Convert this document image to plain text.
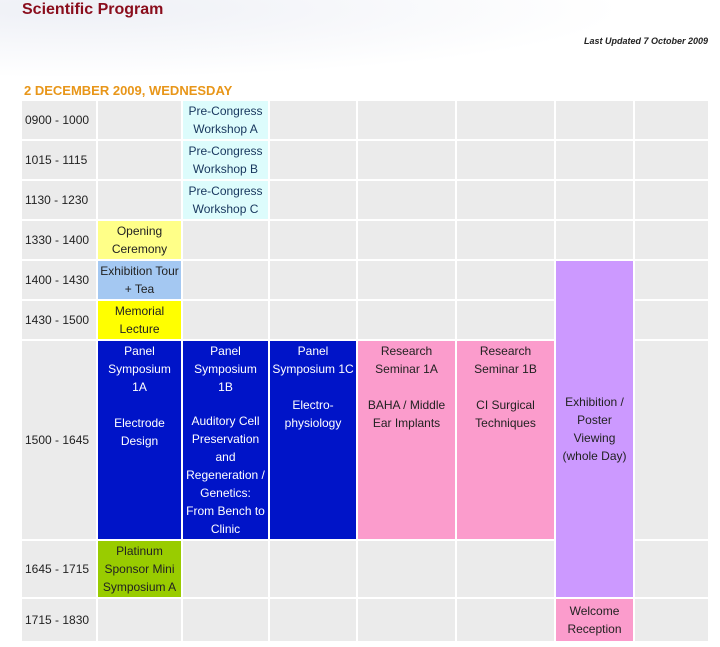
Scientific Program
Last Updated 7 October 2009
2 DECEMBER 2009, WEDNESDAY
0900 - 1000
1015 - 1115
1130 - 1230
1330 - 1400
1400 - 1430
1430 - 1500
1500 - 1645
1645 - 1715
1715 - 1830
Pre-Congress
Workshop A
Pre-Congress
Workshop B
Pre-Congress
Workshop C
Opening
Ceremony
Exhibition Tour
+ Tea
Memorial
Lecture
Panel
Symposium
1A
Electrode
Design
Panel
Symposium
1B
Auditory Cell
Preservation
and
Regeneration /
Genetics:
From Bench to
Clinic
Panel
Symposium 1C
Electro-
physiology
Research
Seminar 1A
BAHA / Middle
Ear Implants
Research
Seminar 1B
CI Surgical
Techniques
Exhibition /
Poster
Viewing
(whole Day)
Platinum
Sponsor Mini
Symposium A
Welcome
Reception
